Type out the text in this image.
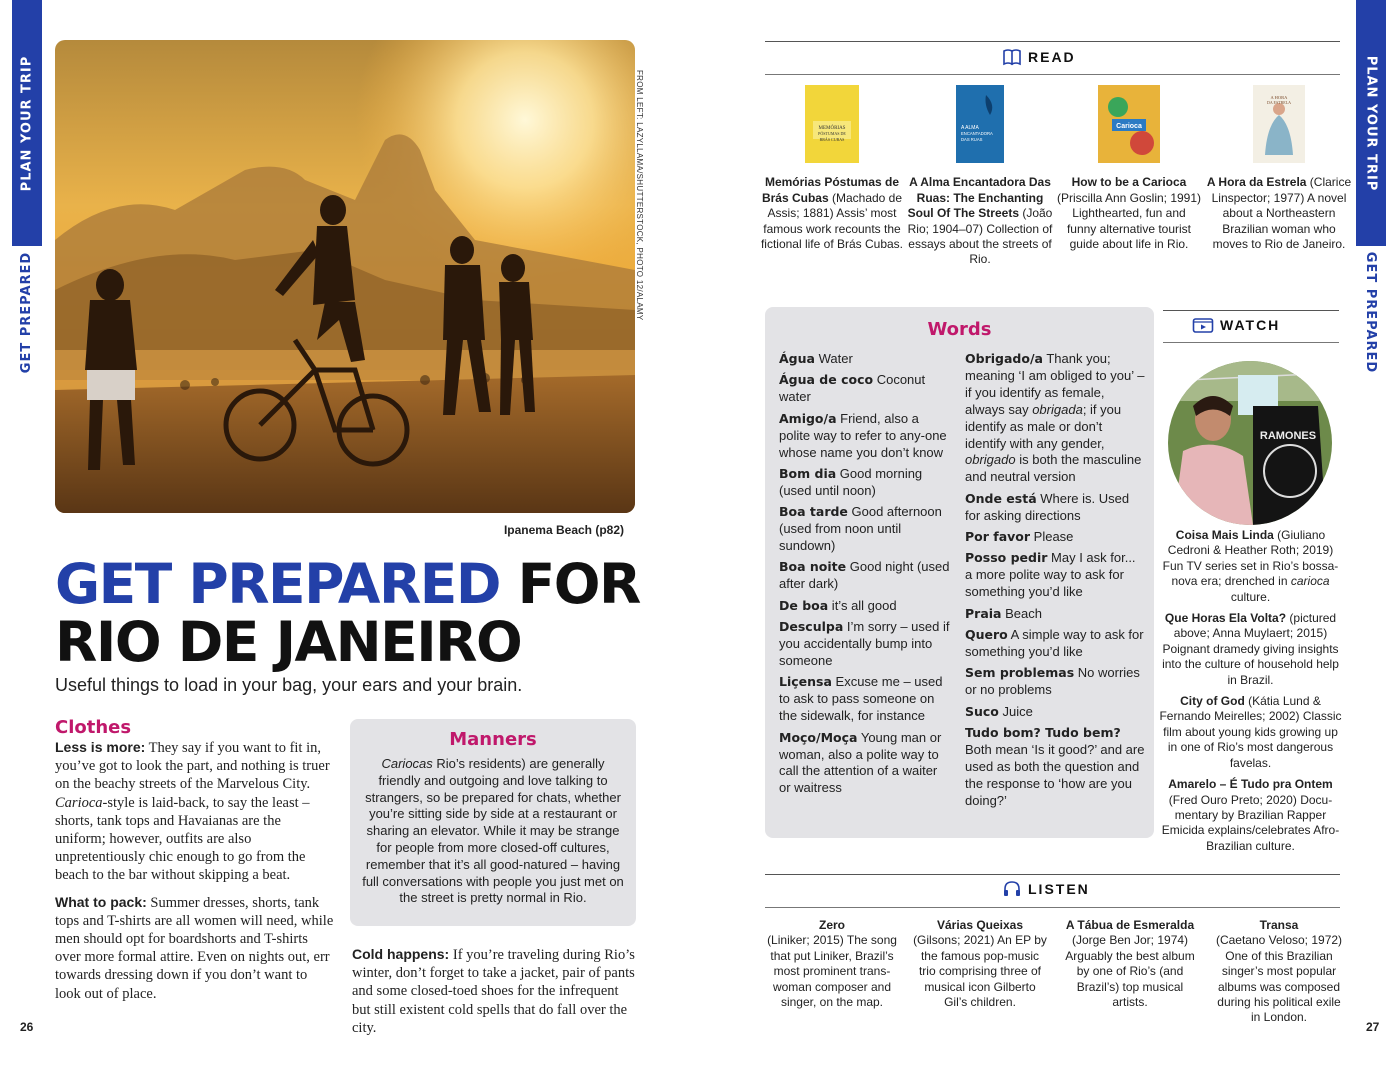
PLAN YOUR TRIP
GET PREPARED
PLAN YOUR TRIP
GET PREPARED
FROM LEFT: LAZYLLAMA/SHUTTERSTOCK, PHOTO 12/ALAMY
Ipanema Beach (p82)
GET PREPARED FOR
RIO DE JANEIRO
Useful things to load in your bag, your ears and your brain.
Clothes

Less is more: They say if you want to fit in, you’ve got to look the part, and nothing is truer on the beachy streets of the Marvelous City. Carioca-style is laid-back, to say the least – shorts, tank tops and Havaianas are the uniform; however, outfits are also unpretentiously chic enough to go from the beach to the bar without skipping a beat.

What to pack: Summer dresses, shorts, tank tops and T-shirts are all women will need, while men should opt for boardshorts and T-shirts over more formal attire. Even on nights out, err towards dressing down if you don’t want to look out of place.

Manners

Cariocas Rio’s residents) are generally friendly and outgoing and love talking to strangers, so be prepared for chats, whether you’re sitting side by side at a restaurant or sharing an elevator. While it may be strange for people from more closed-off cultures, remember that it’s all good-natured – having full conversations with people you just met on the street is pretty normal in Rio.

Cold happens: If you’re traveling during Rio’s winter, don’t forget to take a jacket, pair of pants and some closed-toed shoes for the infrequent but still existent cold spells that do fall over the city.

26	27
READ
MEMÓRIAS
PÓSTUMAS DE
BRÁS CUBAS
Memórias Póstumas de Brás Cubas (Machado de Assis; 1881) Assis’ most famous work recounts the fictional life of Brás Cubas.
A ALMA
ENCANTADORA
DAS RUAS
A Alma Encantadora Das Ruas: The Enchanting Soul Of The Streets (João Rio; 1904–07) Collection of essays about the streets of Rio.
Carioca
How to be a Carioca (Priscilla Ann Goslin; 1991) Lighthearted, fun and funny alternative tourist guide about life in Rio.
A HORA
DA ESTRELA
A Hora da Estrela (Clarice Linspector; 1977) A novel about a Northeastern Brazilian woman who moves to Rio de Janeiro.
Words
Água Water
Água de coco Coconut water
Amigo/a Friend, also a polite way to refer to any-one whose name you don’t know
Bom dia Good morning (used until noon)
Boa tarde Good afternoon (used from noon until sundown)
Boa noite Good night (used after dark)
De boa it’s all good
Desculpa I’m sorry – used if you accidentally bump into someone
Liçensa Excuse me – used to ask to pass someone on the sidewalk, for instance
Moço/Moça Young man or woman, also a polite way to call the attention of a waiter or waitress
Obrigado/a Thank you; meaning ‘I am obliged to you’ – if you identify as female, always say obrigada; if you identify as male or don’t identify with any gender, obrigado is both the masculine and neutral version
Onde está Where is. Used for asking directions
Por favor Please
Posso pedir May I ask for... a more polite way to ask for something you’d like
Praia Beach
Quero A simple way to ask for something you’d like
Sem problemas No worries or no problems
Suco Juice
Tudo bom? Tudo bem? Both mean ‘Is it good?’ and are used as both the question and the response to ‘how are you doing?’
WATCH
RAMONES
Coisa Mais Linda (Giuliano Cedroni & Heather Roth; 2019) Fun TV series set in Rio’s bossa-nova era; drenched in carioca culture.
Que Horas Ela Volta? (pictured above; Anna Muylaert; 2015) Poignant dramedy giving insights into the culture of household help in Brazil.
City of God (Kátia Lund & Fernando Meirelles; 2002) Classic film about young kids growing up in one of Rio’s most dangerous favelas.
Amarelo – É Tudo pra Ontem (Fred Ouro Preto; 2020) Docu-mentary by Brazilian Rapper Emicida explains/celebrates Afro-Brazilian culture.
LISTEN
Zero
(Liniker; 2015) The song that put Liniker, Brazil’s most prominent trans-woman composer and singer, on the map.
Várias Queixas
(Gilsons; 2021) An EP by the famous pop-music trio comprising three of musical icon Gilberto Gil’s children.
A Tábua de Esmeralda
(Jorge Ben Jor; 1974) Arguably the best album by one of Rio’s (and Brazil’s) top musical artists.
Transa
(Caetano Veloso; 1972) One of this Brazilian singer’s most popular albums was composed during his political exile in London.
